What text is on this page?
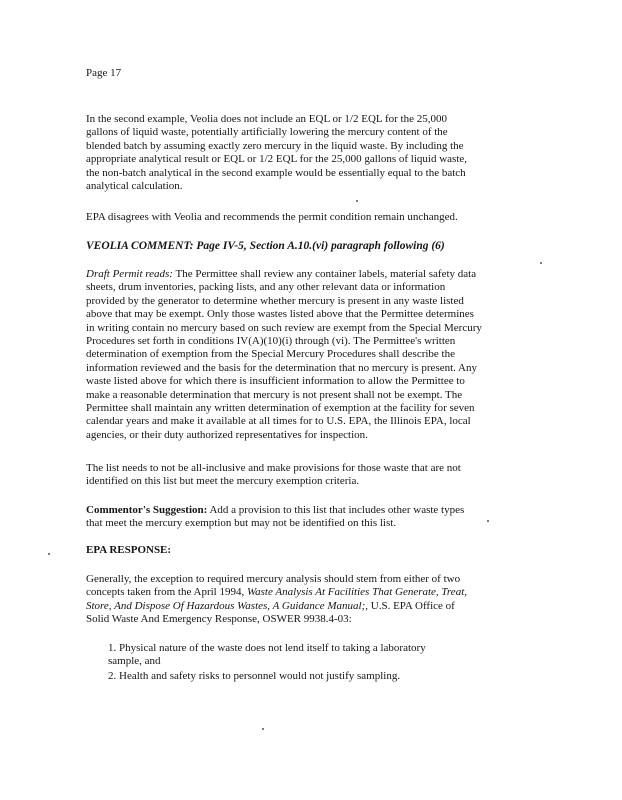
Page 17

In the second example, Veolia does not include an EQL or 1/2 EQL for the 25,000
gallons of liquid waste, potentially artificially lowering the mercury content of the
blended batch by assuming exactly zero mercury in the liquid waste. By including the
appropriate analytical result or EQL or 1/2 EQL for the 25,000 gallons of liquid waste,
the non-batch analytical in the second example would be essentially equal to the batch
analytical calculation.

EPA disagrees with Veolia and recommends the permit condition remain unchanged.

VEOLIA COMMENT: Page IV-5, Section A.10.(vi) paragraph following (6)

Draft Permit reads: The Permittee shall review any container labels, material safety data
sheets, drum inventories, packing lists, and any other relevant data or information
provided by the generator to determine whether mercury is present in any waste listed
above that may be exempt. Only those wastes listed above that the Permittee determines
in writing contain no mercury based on such review are exempt from the Special Mercury
Procedures set forth in conditions IV(A)(10)(i) through (vi). The Permittee's written
determination of exemption from the Special Mercury Procedures shall describe the
information reviewed and the basis for the determination that no mercury is present. Any
waste listed above for which there is insufficient information to allow the Permittee to
make a reasonable determination that mercury is not present shall not be exempt. The
Permittee shall maintain any written determination of exemption at the facility for seven
calendar years and make it available at all times for to U.S. EPA, the Illinois EPA, local
agencies, or their duty authorized representatives for inspection.

The list needs to not be all-inclusive and make provisions for those waste that are not
identified on this list but meet the mercury exemption criteria.

Commentor's Suggestion: Add a provision to this list that includes other waste types
that meet the mercury exemption but may not be identified on this list.

EPA RESPONSE:

Generally, the exception to required mercury analysis should stem from either of two
concepts taken from the April 1994, Waste Analysis At Facilities That Generate, Treat,
Store, And Dispose Of Hazardous Wastes, A Guidance Manual;, U.S. EPA Office of
Solid Waste And Emergency Response, OSWER 9938.4-03:

1. Physical nature of the waste does not lend itself to taking a laboratory
sample, and

2. Health and safety risks to personnel would not justify sampling.
